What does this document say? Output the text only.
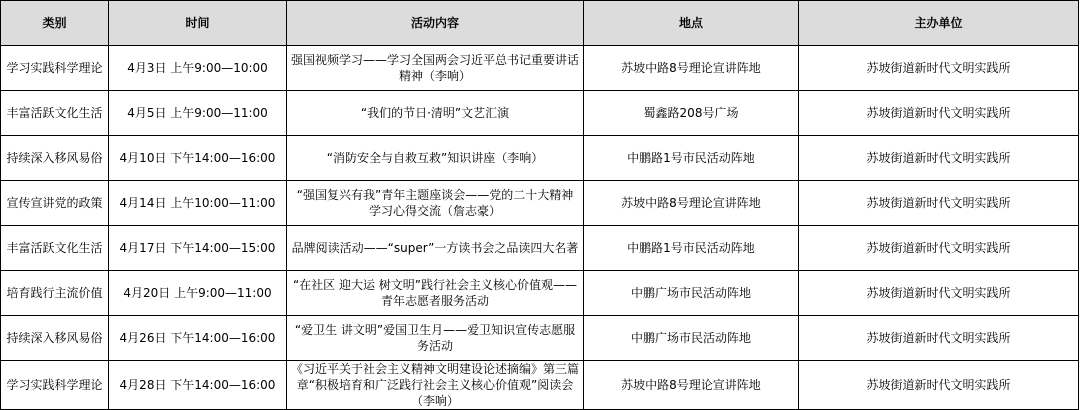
类别	时间	活动内容	地点	主办单位
学习实践科学理论	4月3日 上午9:00—10:00	强国视频学习——学习全国两会习近平总书记重要讲话精神（李响）	苏坡中路8号理论宣讲阵地	苏坡街道新时代文明实践所
丰富活跃文化生活	4月5日 上午9:00—11:00	“我们的节日·清明”文艺汇演	蜀鑫路208号广场	苏坡街道新时代文明实践所
持续深入移风易俗	4月10日 下午14:00—16:00	“消防安全与自救互救”知识讲座（李响）	中鹏路1号市民活动阵地	苏坡街道新时代文明实践所
宣传宣讲党的政策	4月14日 上午10:00—11:00	“强国复兴有我”青年主题座谈会——党的二十大精神学习心得交流（詹志豪）	苏坡中路8号理论宣讲阵地	苏坡街道新时代文明实践所
丰富活跃文化生活	4月17日 下午14:00—15:00	品牌阅读活动——“super”一方读书会之品读四大名著	中鹏路1号市民活动阵地	苏坡街道新时代文明实践所
培育践行主流价值	4月20日 上午9:00—11:00	“在社区 迎大运 树文明”践行社会主义核心价值观——青年志愿者服务活动	中鹏广场市民活动阵地	苏坡街道新时代文明实践所
持续深入移风易俗	4月26日 下午14:00—16:00	“爱卫生 讲文明”爱国卫生月——爱卫知识宣传志愿服务活动	中鹏广场市民活动阵地	苏坡街道新时代文明实践所
学习实践科学理论	4月28日 下午14:00—16:00	《习近平关于社会主义精神文明建设论述摘编》第三篇章“积极培育和广泛践行社会主义核心价值观”阅读会（李响）	苏坡中路8号理论宣讲阵地	苏坡街道新时代文明实践所
